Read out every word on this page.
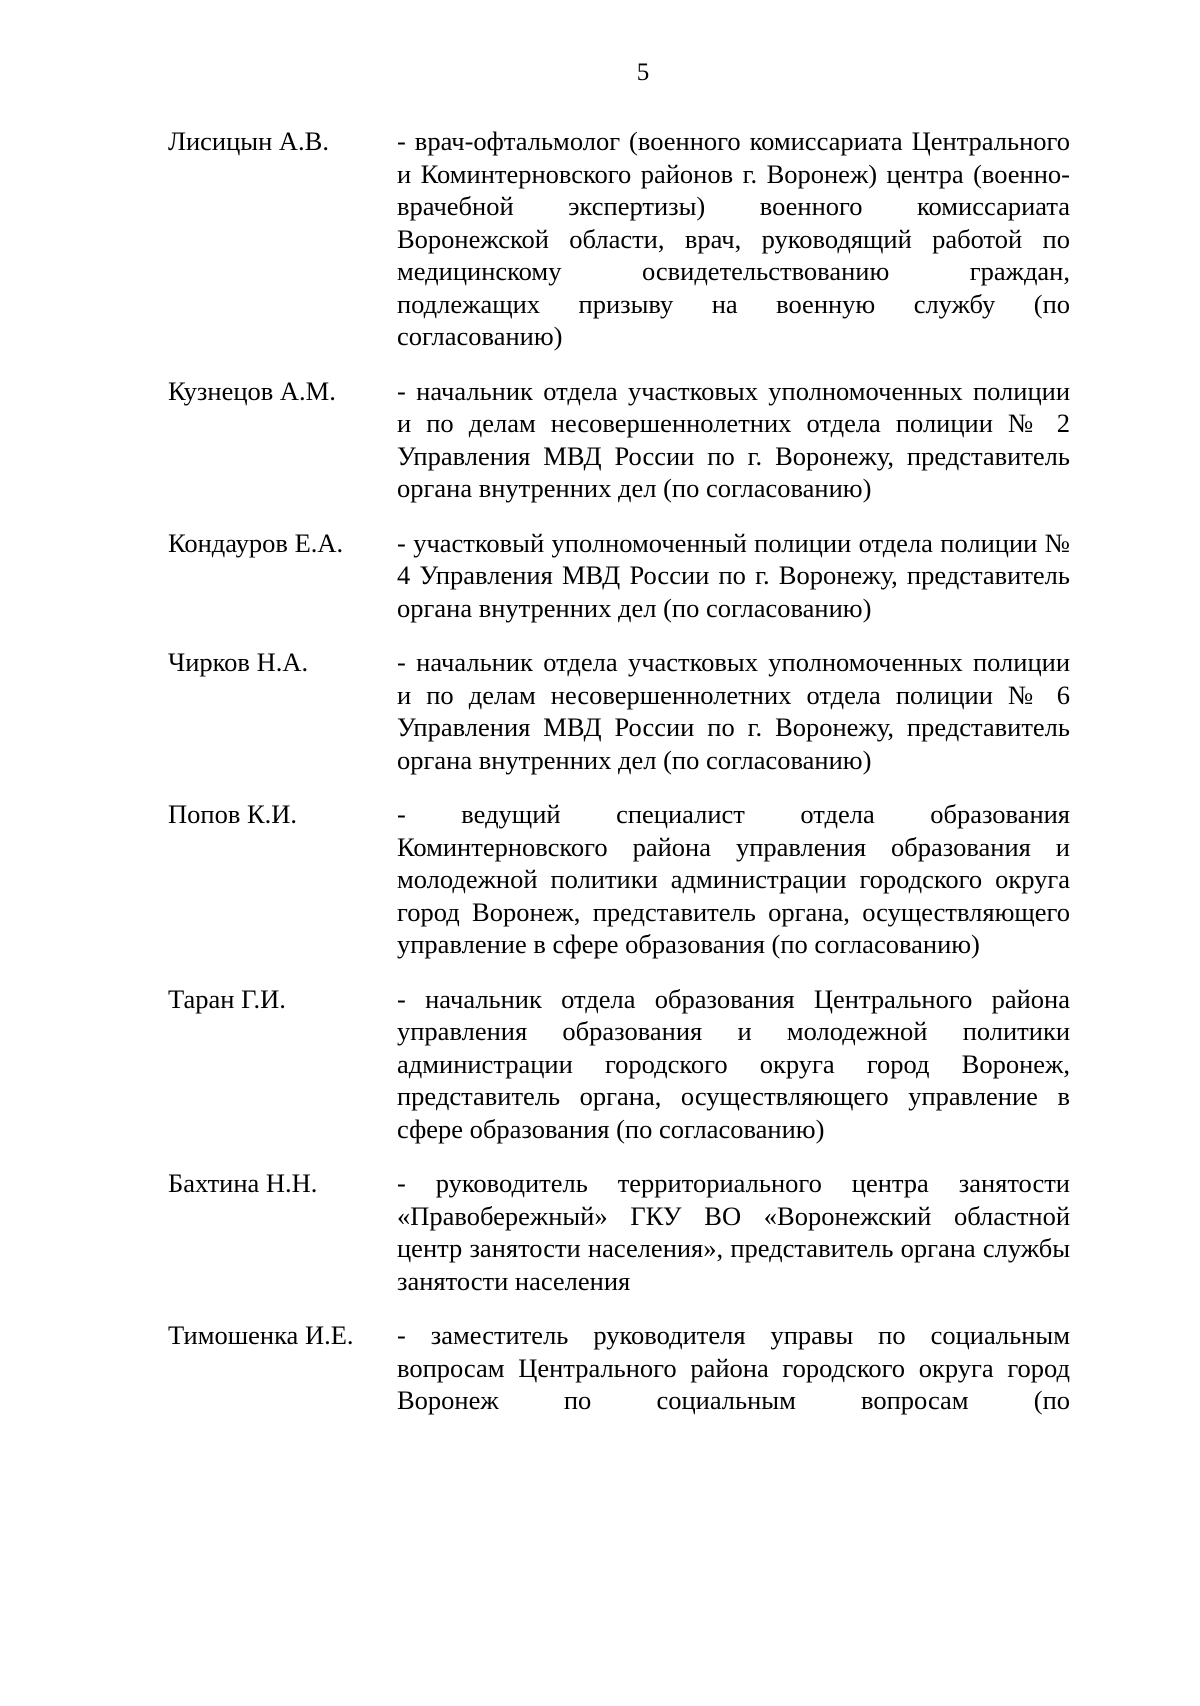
5
Лисицын А.В.	- врач-офтальмолог (военного комиссариата Центрального и Коминтерновского районов г. Воронеж) центра (военно-врачебной экспертизы) военного комиссариата Воронежской области, врач, руководящий работой по медицинскому освидетельствованию граждан, подлежащих призыву на военную службу (по согласованию)
Кузнецов А.М.	- начальник отдела участковых уполномоченных полиции и по делам несовершеннолетних отдела полиции № 2 Управления МВД России по г. Воронежу, представитель органа внутренних дел (по согласованию)
Кондауров Е.А.	- участковый уполномоченный полиции отдела полиции № 4 Управления МВД России по г. Воронежу, представитель органа внутренних дел (по согласованию)
Чирков Н.А.	- начальник отдела участковых уполномоченных полиции и по делам несовершеннолетних отдела полиции № 6 Управления МВД России по г. Воронежу, представитель органа внутренних дел (по согласованию)
Попов К.И.	- ведущий специалист отдела образования Коминтерновского района управления образования и молодежной политики администрации городского округа город Воронеж, представитель органа, осуществляющего управление в сфере образования (по согласованию)
Таран Г.И.	- начальник отдела образования Центрального района управления образования и молодежной политики администрации городского округа город Воронеж, представитель органа, осуществляющего управление в сфере образования (по согласованию)
Бахтина Н.Н.	- руководитель территориального центра занятости «Правобережный» ГКУ ВО «Воронежский областной центр занятости населения», представитель органа службы занятости населения
Тимошенка И.Е.	- заместитель руководителя управы по социальным вопросам Центрального района городского округа город Воронеж по социальным вопросам (по
